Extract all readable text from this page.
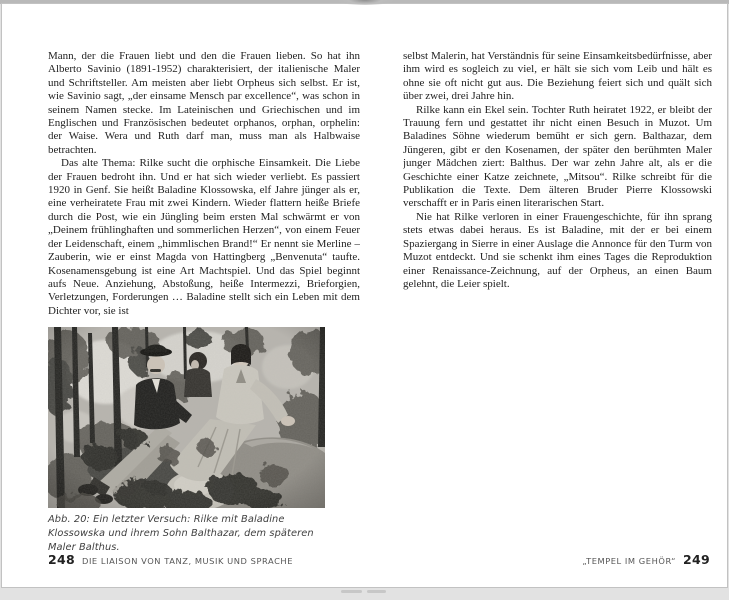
Mann, der die Frauen liebt und den die Frauen lieben. So hat ihn Alberto Savinio (1891-1952) charakterisiert, der italienische Maler und Schriftsteller. Am meisten aber liebt Orpheus sich selbst. Er ist, wie Savinio sagt, „der einsame Mensch par excellence“, was schon in seinem Namen stecke. Im Lateinischen und Griechischen und im Englischen und Französischen bedeutet orphanos, orphan, orphelin: der Waise. Wera und Ruth darf man, muss man als Halbwaise betrachten.

Das alte Thema: Rilke sucht die orphische Einsamkeit. Die Liebe der Frauen bedroht ihn. Und er hat sich wieder verliebt. Es passiert 1920 in Genf. Sie heißt Baladine Klossowska, elf Jahre jünger als er, eine verheiratete Frau mit zwei Kindern. Wieder flattern heiße Briefe durch die Post, wie ein Jüngling beim ersten Mal schwärmt er von „Deinem frühlinghaften und sommerlichen Herzen“, von einem Feuer der Leidenschaft, einem „himmlischen Brand!“ Er nennt sie Merline – Zauberin, wie er einst Magda von Hattingberg „Benvenuta“ taufte. Kosenamensgebung ist eine Art Machtspiel. Und das Spiel beginnt aufs Neue. Anziehung, Abstoßung, heiße Intermezzi, Brieforgien, Verletzungen, Forderungen … Baladine stellt sich ein Leben mit dem Dichter vor, sie ist

Abb. 20: Ein letzter Versuch: Rilke mit Baladine Klossowska und ihrem Sohn Balthazar, dem späteren Maler Balthus.
248 DIE LIAISON VON TANZ, MUSIK UND SPRACHE

selbst Malerin, hat Verständnis für seine Einsamkeitsbedürfnisse, aber ihm wird es sogleich zu viel, er hält sie sich vom Leib und hält es ohne sie oft nicht gut aus. Die Beziehung feiert sich und quält sich über zwei, drei Jahre hin.

Rilke kann ein Ekel sein. Tochter Ruth heiratet 1922, er bleibt der Trauung fern und gestattet ihr nicht einen Besuch in Muzot. Um Baladines Söhne wiederum bemüht er sich gern. Balthazar, dem Jüngeren, gibt er den Kosenamen, der später den berühmten Maler junger Mädchen ziert: Balthus. Der war zehn Jahre alt, als er die Geschichte einer Katze zeichnete, „Mitsou“. Rilke schreibt für die Publikation die Texte. Dem älteren Bruder Pierre Klossowski verschafft er in Paris einen literarischen Start.

Nie hat Rilke verloren in einer Frauengeschichte, für ihn sprang stets etwas dabei heraus. Es ist Baladine, mit der er bei einem Spaziergang in Sierre in einer Auslage die Annonce für den Turm von Muzot entdeckt. Und sie schenkt ihm eines Tages die Reproduktion einer Renaissance-Zeichnung, auf der Orpheus, an einen Baum gelehnt, die Leier spielt.

„TEMPEL IM GEHÖR“ 249
